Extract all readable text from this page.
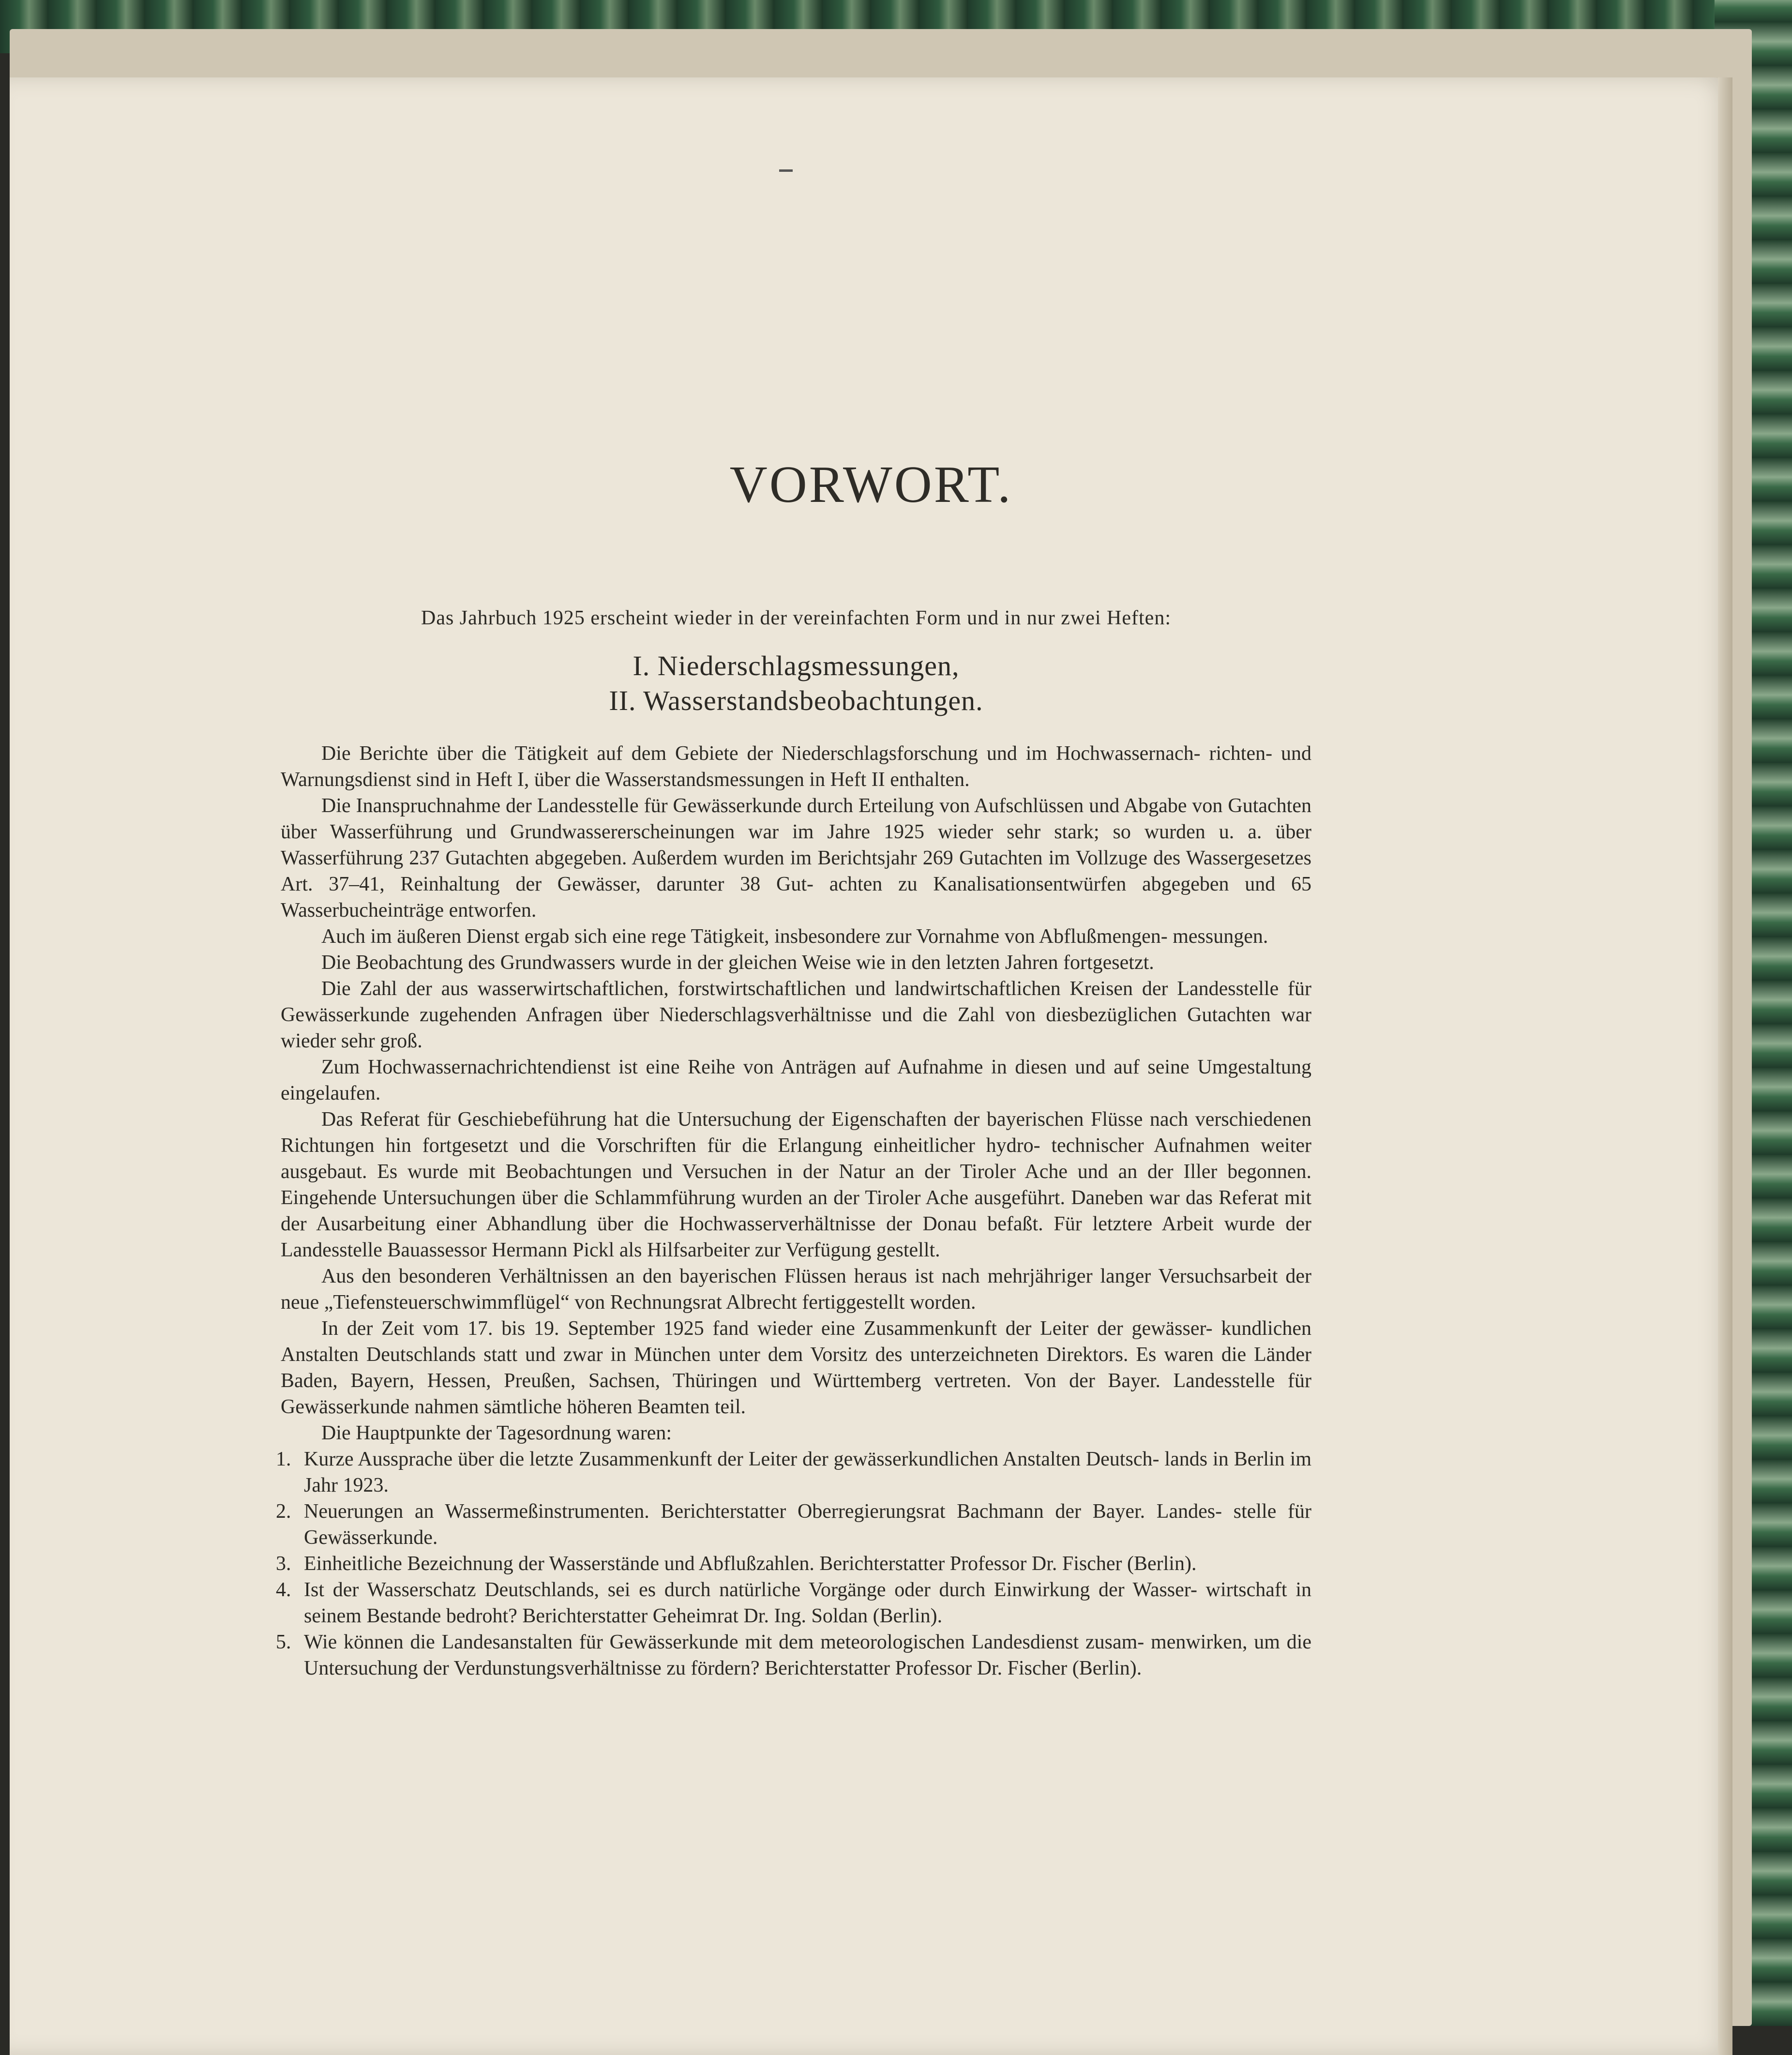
VORWORT.
Das Jahrbuch 1925 erscheint wieder in der vereinfachten Form und in nur zwei Heften:
I. Niederschlagsmessungen,
II. Wasserstandsbeobachtungen.

Die Berichte über die Tätigkeit auf dem Gebiete der Niederschlagsforschung und im Hochwassernach- richten- und Warnungsdienst sind in Heft I, über die Wasserstandsmessungen in Heft II enthalten.

Die Inanspruchnahme der Landesstelle für Gewässerkunde durch Erteilung von Aufschlüssen und Abgabe von Gutachten über Wasserführung und Grundwassererscheinungen war im Jahre 1925 wieder sehr stark; so wurden u. a. über Wasserführung 237 Gutachten abgegeben. Außerdem wurden im Berichtsjahr 269 Gutachten im Vollzuge des Wassergesetzes Art. 37–41, Reinhaltung der Gewässer, darunter 38 Gut- achten zu Kanalisationsentwürfen abgegeben und 65 Wasserbucheinträge entworfen.

Auch im äußeren Dienst ergab sich eine rege Tätigkeit, insbesondere zur Vornahme von Abflußmengen- messungen.

Die Beobachtung des Grundwassers wurde in der gleichen Weise wie in den letzten Jahren fortgesetzt.

Die Zahl der aus wasserwirtschaftlichen, forstwirtschaftlichen und landwirtschaftlichen Kreisen der Landesstelle für Gewässerkunde zugehenden Anfragen über Niederschlagsverhältnisse und die Zahl von diesbezüglichen Gutachten war wieder sehr groß.

Zum Hochwassernachrichtendienst ist eine Reihe von Anträgen auf Aufnahme in diesen und auf seine Umgestaltung eingelaufen.

Das Referat für Geschiebeführung hat die Untersuchung der Eigenschaften der bayerischen Flüsse nach verschiedenen Richtungen hin fortgesetzt und die Vorschriften für die Erlangung einheitlicher hydro- technischer Aufnahmen weiter ausgebaut. Es wurde mit Beobachtungen und Versuchen in der Natur an der Tiroler Ache und an der Iller begonnen. Eingehende Untersuchungen über die Schlammführung wurden an der Tiroler Ache ausgeführt. Daneben war das Referat mit der Ausarbeitung einer Abhandlung über die Hochwasserverhältnisse der Donau befaßt. Für letztere Arbeit wurde der Landesstelle Bauassessor Hermann Pickl als Hilfsarbeiter zur Verfügung gestellt.

Aus den besonderen Verhältnissen an den bayerischen Flüssen heraus ist nach mehrjähriger langer Versuchsarbeit der neue „Tiefensteuerschwimmflügel“ von Rechnungsrat Albrecht fertiggestellt worden.

In der Zeit vom 17. bis 19. September 1925 fand wieder eine Zusammenkunft der Leiter der gewässer- kundlichen Anstalten Deutschlands statt und zwar in München unter dem Vorsitz des unterzeichneten Direktors. Es waren die Länder Baden, Bayern, Hessen, Preußen, Sachsen, Thüringen und Württemberg vertreten. Von der Bayer. Landesstelle für Gewässerkunde nahmen sämtliche höheren Beamten teil.

Die Hauptpunkte der Tagesordnung waren:

1. Kurze Aussprache über die letzte Zusammenkunft der Leiter der gewässerkundlichen Anstalten Deutsch- lands in Berlin im Jahr 1923.
2. Neuerungen an Wassermeßinstrumenten. Berichterstatter Oberregierungsrat Bachmann der Bayer. Landes- stelle für Gewässerkunde.
3. Einheitliche Bezeichnung der Wasserstände und Abflußzahlen. Berichterstatter Professor Dr. Fischer (Berlin).
4. Ist der Wasserschatz Deutschlands, sei es durch natürliche Vorgänge oder durch Einwirkung der Wasser- wirtschaft in seinem Bestande bedroht? Berichterstatter Geheimrat Dr. Ing. Soldan (Berlin).
5. Wie können die Landesanstalten für Gewässerkunde mit dem meteorologischen Landesdienst zusam- menwirken, um die Untersuchung der Verdunstungsverhältnisse zu fördern? Berichterstatter Professor Dr. Fischer (Berlin).
